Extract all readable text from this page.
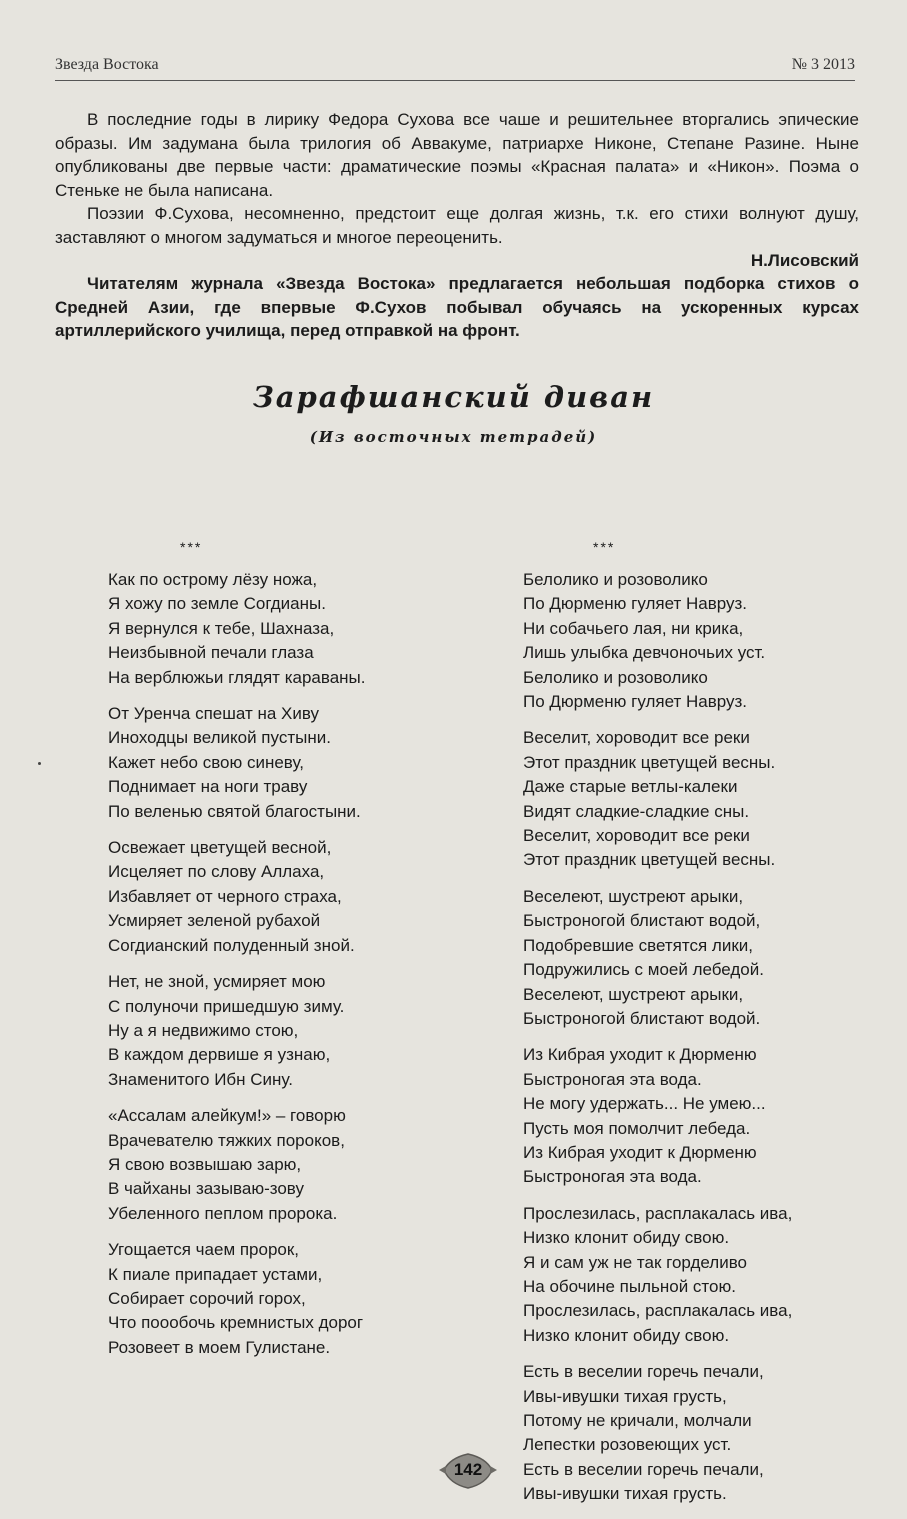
Звезда Востока	№ 3 2013

В последние годы в лирику Федора Сухова все чаше и решительнее вторгались эпические образы. Им задумана была трилогия об Аввакуме, патриархе Никоне, Степане Разине. Ныне опубликованы две первые части: драматические поэмы «Красная палата» и «Никон». Поэма о Стеньке не была написана.

Поэзии Ф.Сухова, несомненно, предстоит еще долгая жизнь, т.к. его стихи волнуют душу, заставляют о многом задуматься и многое переоценить.

Н.Лисовский

Читателям журнала «Звезда Востока» предлагается небольшая подборка стихов о Средней Азии, где впервые Ф.Сухов побывал обучаясь на ускоренных курсах артиллерийского училища, перед отправкой на фронт.

Зарафшанский диван
(Из восточных тетрадей)
***
Как по острому лёзу ножа,
Я хожу по земле Согдианы.
Я вернулся к тебе, Шахназа,
Неизбывной печали глаза
На верблюжьи глядят караваны.
От Уренча спешат на Хиву
Иноходцы великой пустыни.
Кажет небо свою синеву,
Поднимает на ноги траву
По веленью святой благостыни.
Освежает цветущей весной,
Исцеляет по слову Аллаха,
Избавляет от черного страха,
Усмиряет зеленой рубахой
Согдианский полуденный зной.
Нет, не зной, усмиряет мою
С полуночи пришедшую зиму.
Ну а я недвижимо стою,
В каждом дервише я узнаю,
Знаменитого Ибн Сину.
«Ассалам алейкум!» – говорю
Врачевателю тяжких пороков,
Я свою возвышаю зарю,
В чайханы зазываю-зову
Убеленного пеплом пророка.
Угощается чаем пророк,
К пиале припадает устами,
Собирает сорочий горох,
Что поообочь кремнистых дорог
Розовеет в моем Гулистане.
***
Белолико и розоволико
По Дюрменю гуляет Навруз.
Ни собачьего лая, ни крика,
Лишь улыбка девчоночьих уст.
Белолико и розоволико
По Дюрменю гуляет Навруз.
Веселит, хороводит все реки
Этот праздник цветущей весны.
Даже старые ветлы-калеки
Видят сладкие-сладкие сны.
Веселит, хороводит все реки
Этот праздник цветущей весны.
Веселеют, шустреют арыки,
Быстроногой блистают водой,
Подобревшие светятся лики,
Подружились с моей лебедой.
Веселеют, шустреют арыки,
Быстроногой блистают водой.
Из Кибрая уходит к Дюрменю
Быстроногая эта вода.
Не могу удержать... Не умею...
Пусть моя помолчит лебеда.
Из Кибрая уходит к Дюрменю
Быстроногая эта вода.
Прослезилась, расплакалась ива,
Низко клонит обиду свою.
Я и сам уж не так горделиво
На обочине пыльной стою.
Прослезилась, расплакалась ива,
Низко клонит обиду свою.
Есть в веселии горечь печали,
Ивы-ивушки тихая грусть,
Потому не кричали, молчали
Лепестки розовеющих уст.
Есть в веселии горечь печали,
Ивы-ивушки тихая грусть.
142
